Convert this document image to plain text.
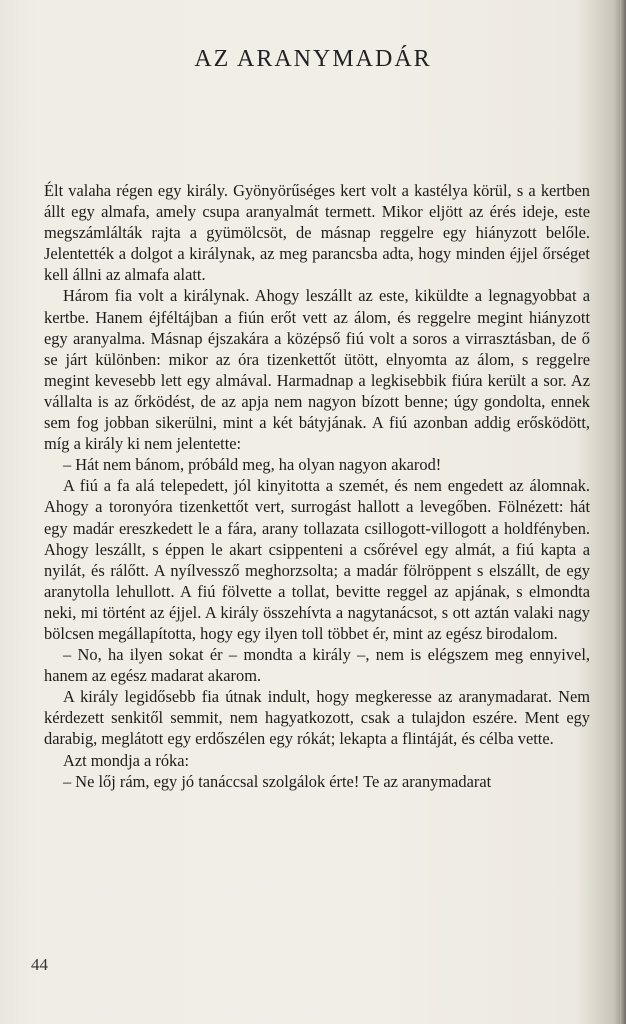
AZ ARANYMADÁR

Élt valaha régen egy király. Gyönyörűséges kert volt a kastélya körül, s a kertben állt egy almafa, amely csupa aranyalmát termett. Mikor eljött az érés ideje, este megszámlálták rajta a gyümölcsöt, de másnap reggelre egy hiányzott belőle. Jelentették a dolgot a királynak, az meg parancsba adta, hogy minden éjjel őrséget kell állni az almafa alatt.

Három fia volt a királynak. Ahogy leszállt az este, kiküldte a legnagyobbat a kertbe. Hanem éjféltájban a fiún erőt vett az álom, és reggelre megint hiányzott egy aranyalma. Másnap éjszakára a középső fiú volt a soros a virrasztásban, de ő se járt különben: mikor az óra tizenkettőt ütött, elnyomta az álom, s reggelre megint kevesebb lett egy almával. Harmadnap a legkisebbik fiúra került a sor. Az vállalta is az őrködést, de az apja nem nagyon bízott benne; úgy gondolta, ennek sem fog jobban sikerülni, mint a két bátyjának. A fiú azonban addig erősködött, míg a király ki nem jelentette:

– Hát nem bánom, próbáld meg, ha olyan nagyon akarod!

A fiú a fa alá telepedett, jól kinyitotta a szemét, és nem engedett az álomnak. Ahogy a toronyóra tizenkettőt vert, surrogást hallott a levegőben. Fölnézett: hát egy madár ereszkedett le a fára, arany tollazata csillogott-villogott a holdfényben. Ahogy leszállt, s éppen le akart csippenteni a csőrével egy almát, a fiú kapta a nyilát, és rálőtt. A nyílvessző meghorzsolta; a madár fölröppent s elszállt, de egy aranytolla lehullott. A fiú fölvette a tollat, bevitte reggel az apjának, s elmondta neki, mi történt az éjjel. A király összehívta a nagytanácsot, s ott aztán valaki nagy bölcsen megállapította, hogy egy ilyen toll többet ér, mint az egész birodalom.

– No, ha ilyen sokat ér – mondta a király –, nem is elégszem meg ennyivel, hanem az egész madarat akarom.

A király legidősebb fia útnak indult, hogy megkeresse az aranymadarat. Nem kérdezett senkitől semmit, nem hagyatkozott, csak a tulajdon eszére. Ment egy darabig, meglátott egy erdőszélen egy rókát; lekapta a flintáját, és célba vette.

Azt mondja a róka:

– Ne lőj rám, egy jó tanáccsal szolgálok érte! Te az aranymadarat

44
